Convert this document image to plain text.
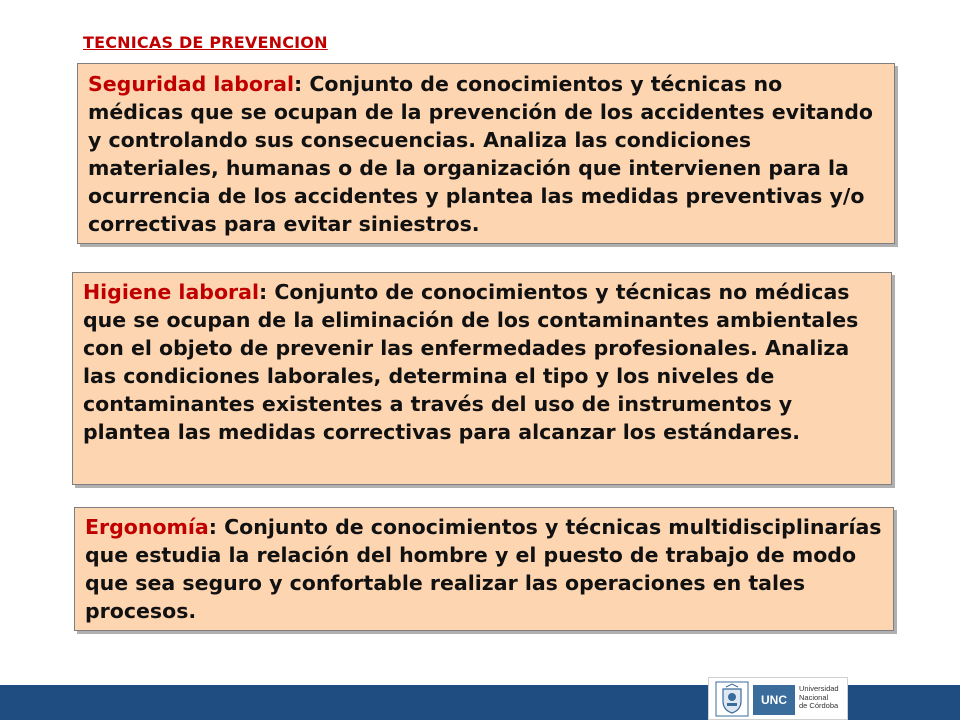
TECNICAS DE PREVENCION
Seguridad laboral: Conjunto de conocimientos y técnicas no médicas que se ocupan de la prevención de los accidentes evitando y controlando sus consecuencias. Analiza las condiciones materiales, humanas o de la organización que intervienen para la ocurrencia de los accidentes y plantea las medidas preventivas y/o correctivas para evitar siniestros.
Higiene laboral: Conjunto de conocimientos y técnicas no médicas que se ocupan de la eliminación de los contaminantes ambientales con el objeto de prevenir las enfermedades profesionales. Analiza las condiciones laborales, determina el tipo y los niveles de contaminantes existentes a través del uso de instrumentos y plantea las medidas correctivas para alcanzar los estándares.
Ergonomía: Conjunto de conocimientos y técnicas multidisciplinarías que estudia la relación del hombre y el puesto de trabajo de modo que sea seguro y confortable realizar las operaciones en tales procesos.
UNC
Universidad
Nacional
de Córdoba
